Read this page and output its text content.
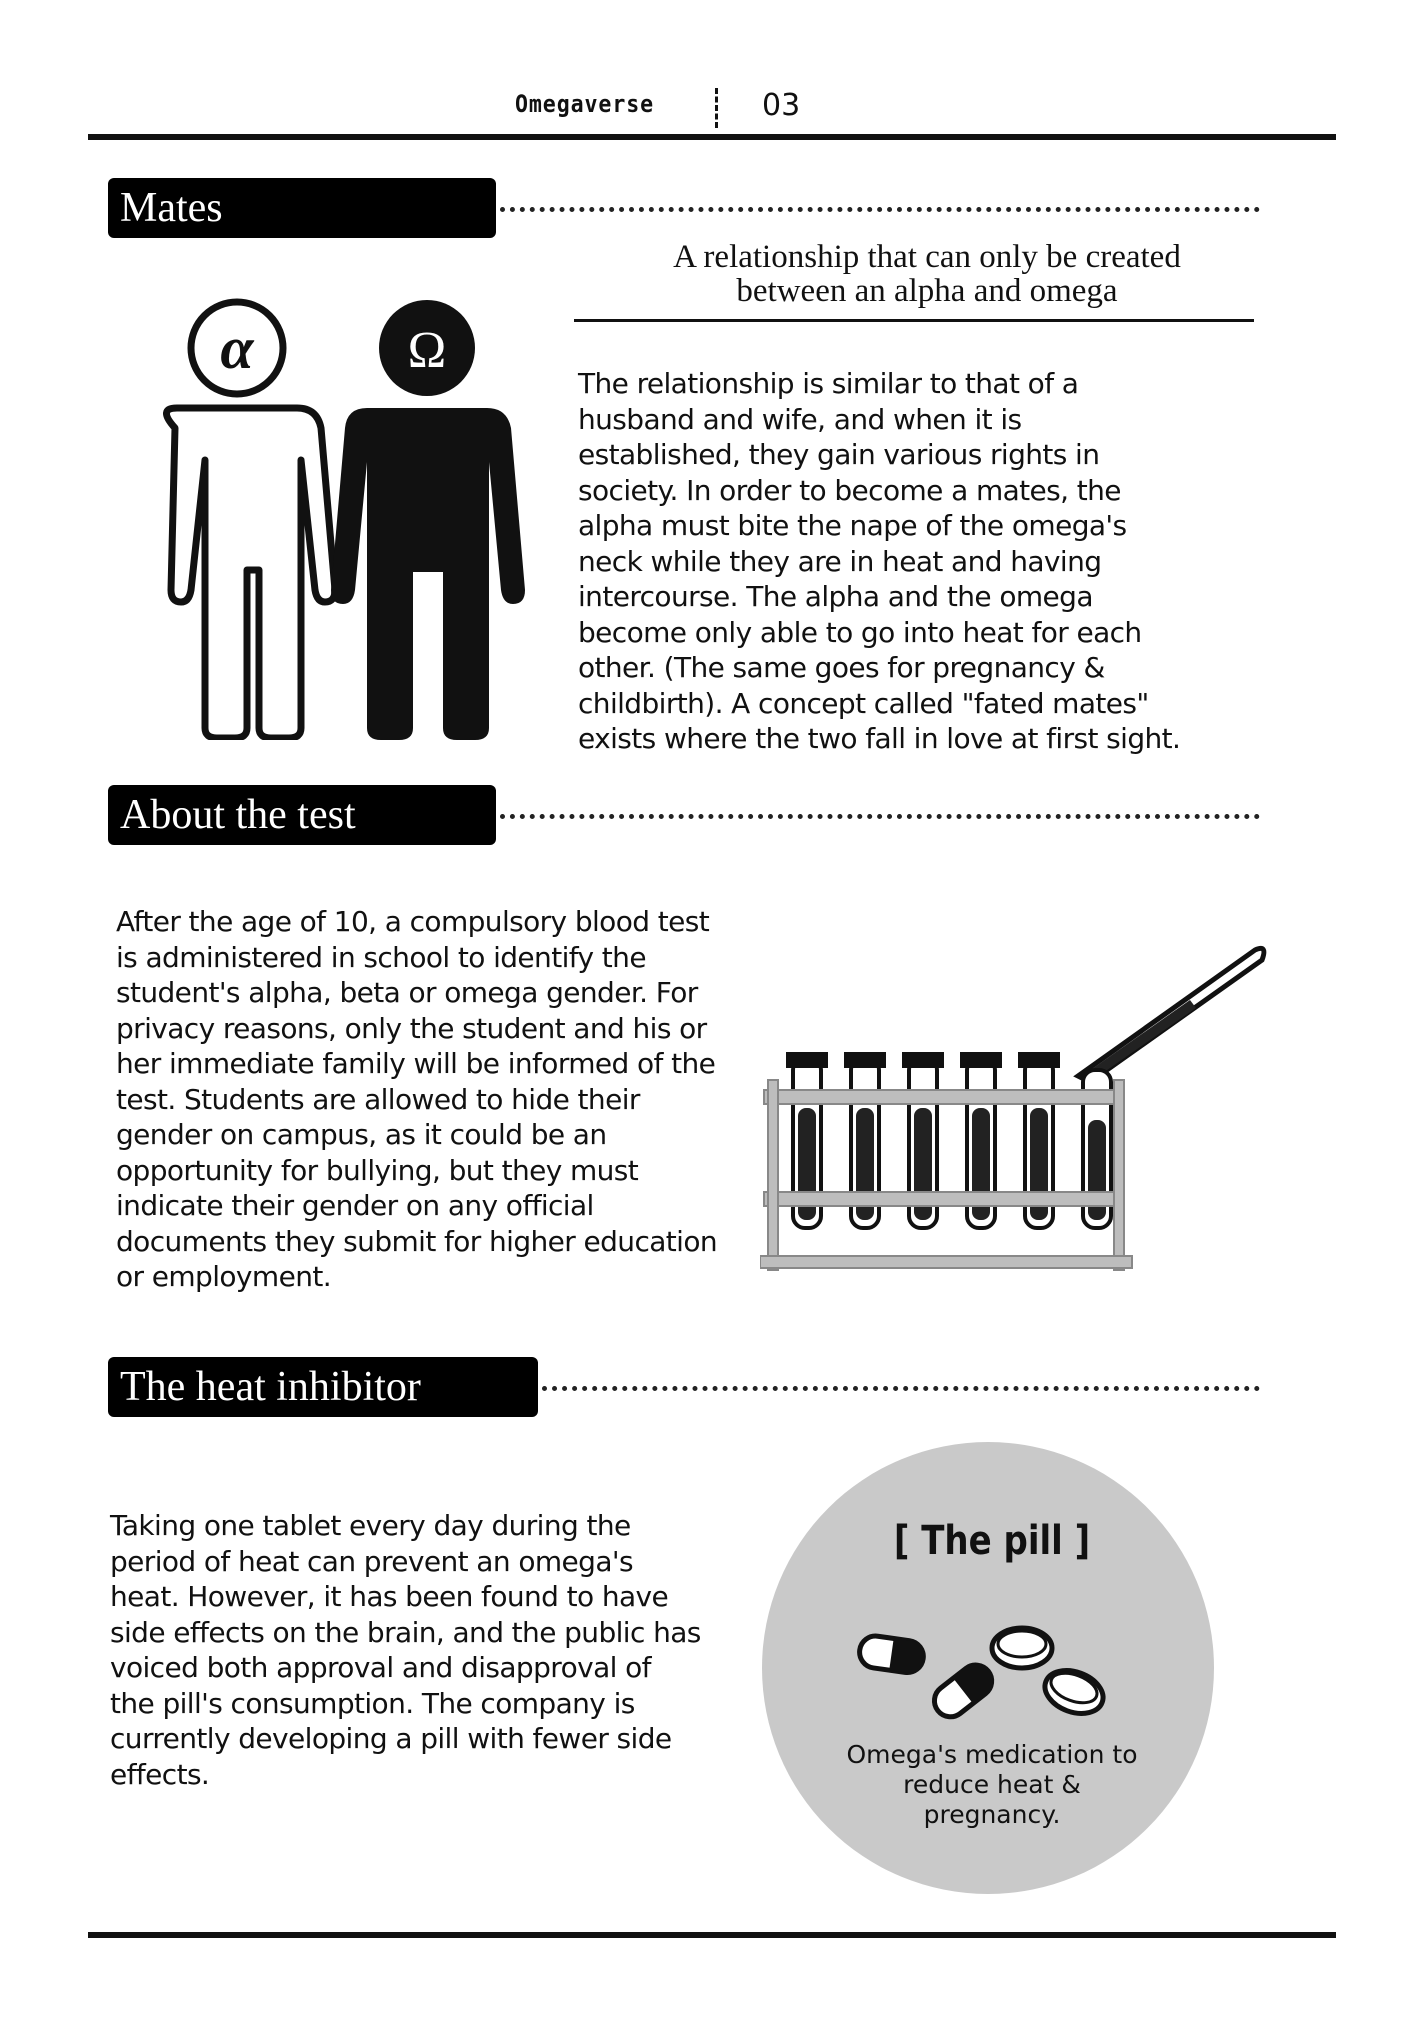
Omegaverse	03
Mates
A relationship that can only be created
between an alpha and omega
α	Ω
The relationship is similar to that of a
husband and wife, and when it is
established, they gain various rights in
society. In order to become a mates, the
alpha must bite the nape of the omega's
neck while they are in heat and having
intercourse. The alpha and the omega
become only able to go into heat for each
other. (The same goes for pregnancy &
childbirth). A concept called "fated mates"
exists where the two fall in love at first sight.
About the test
After the age of 10, a compulsory blood test
is administered in school to identify the
student's alpha, beta or omega gender. For
privacy reasons, only the student and his or
her immediate family will be informed of the
test. Students are allowed to hide their
gender on campus, as it could be an
opportunity for bullying, but they must
indicate their gender on any official
documents they submit for higher education
or employment.
The heat inhibitor
Taking one tablet every day during the
period of heat can prevent an omega's
heat. However, it has been found to have
side effects on the brain, and the public has
voiced both approval and disapproval of
the pill's consumption. The company is
currently developing a pill with fewer side
effects.
[ The pill ]
Omega's medication to
reduce heat &
pregnancy.
